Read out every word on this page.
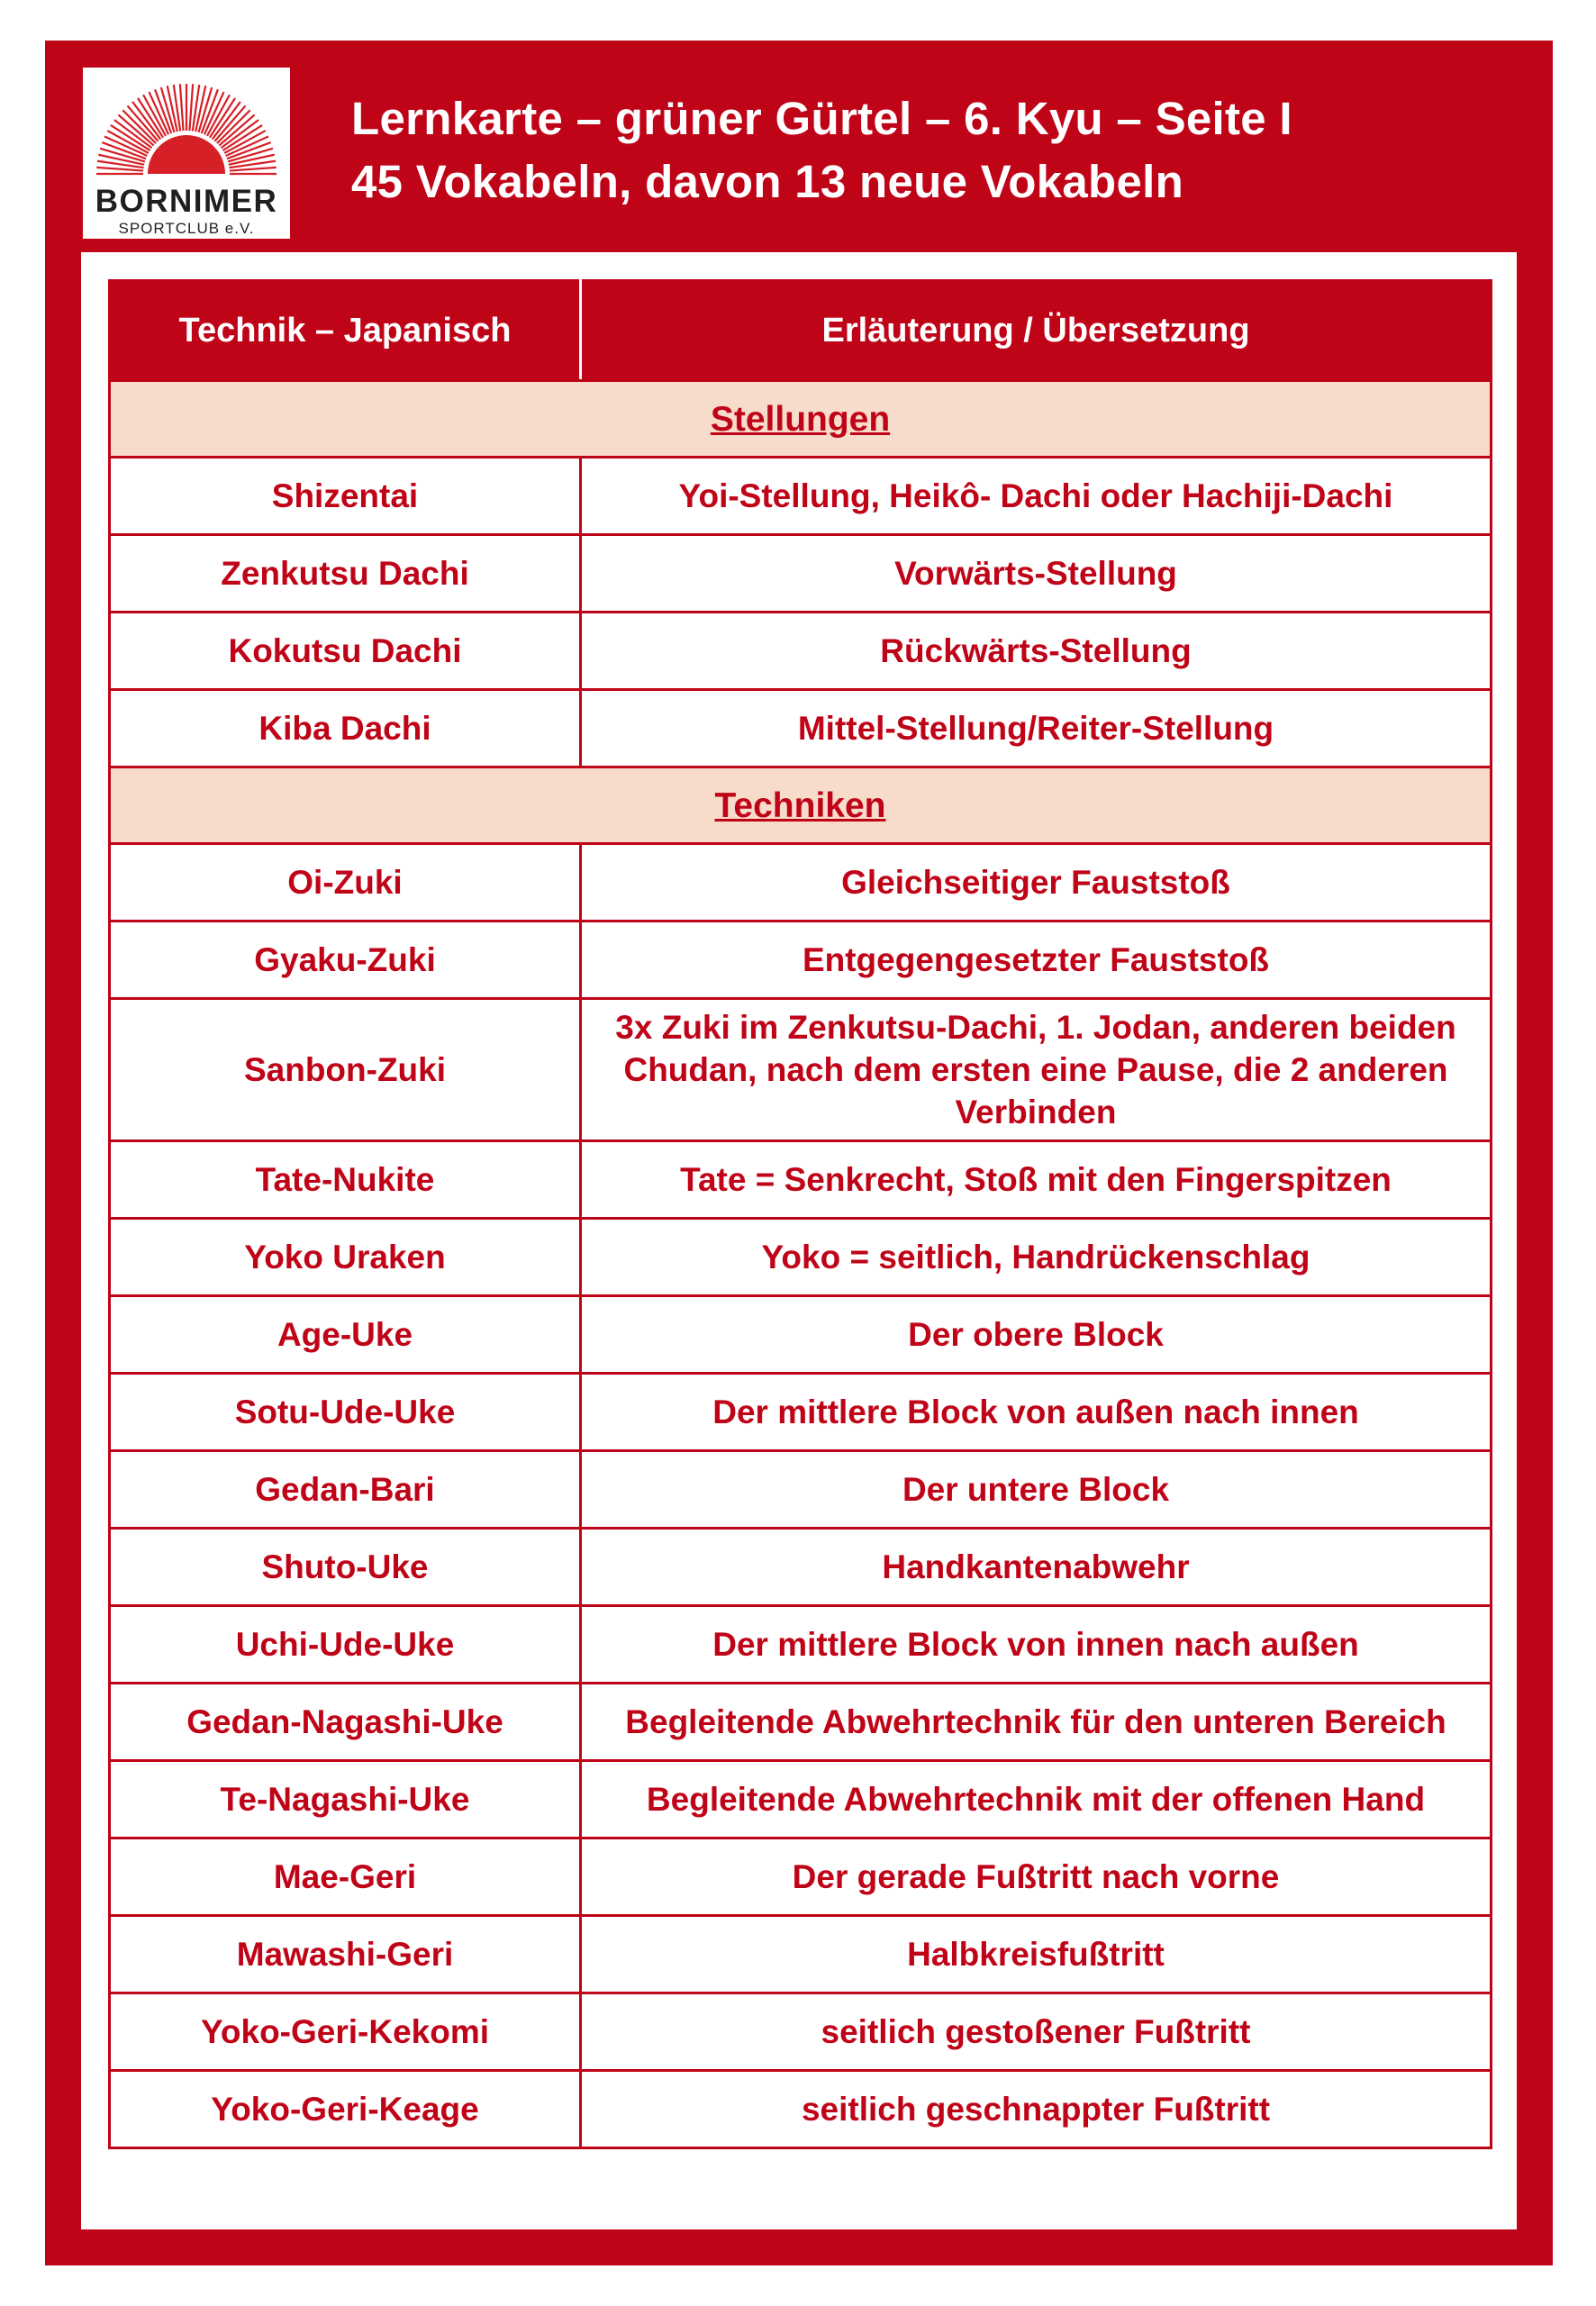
BORNIMER
SPORTCLUB e.V.
Lernkarte – grüner Gürtel – 6. Kyu – Seite I
45 Vokabeln, davon 13 neue Vokabeln
Technik – Japanisch	Erläuterung / Übersetzung
Stellungen	
Shizentai	Yoi-Stellung, Heikô- Dachi oder Hachiji-Dachi
Zenkutsu Dachi	Vorwärts-Stellung
Kokutsu Dachi	Rückwärts-Stellung
Kiba Dachi	Mittel-Stellung/Reiter-Stellung
Techniken	
Oi-Zuki	Gleichseitiger Fauststoß
Gyaku-Zuki	Entgegengesetzter Fauststoß
Sanbon-Zuki	3x Zuki im Zenkutsu-Dachi, 1. Jodan, anderen beiden Chudan, nach dem ersten eine Pause, die 2 anderen Verbinden
Tate-Nukite	Tate = Senkrecht, Stoß mit den Fingerspitzen
Yoko Uraken	Yoko = seitlich, Handrückenschlag
Age-Uke	Der obere Block
Sotu-Ude-Uke	Der mittlere Block von außen nach innen
Gedan-Bari	Der untere Block
Shuto-Uke	Handkantenabwehr
Uchi-Ude-Uke	Der mittlere Block von innen nach außen
Gedan-Nagashi-Uke	Begleitende Abwehrtechnik für den unteren Bereich
Te-Nagashi-Uke	Begleitende Abwehrtechnik mit der offenen Hand
Mae-Geri	Der gerade Fußtritt nach vorne
Mawashi-Geri	Halbkreisfußtritt
Yoko-Geri-Kekomi	seitlich gestoßener Fußtritt
Yoko-Geri-Keage	seitlich geschnappter Fußtritt
